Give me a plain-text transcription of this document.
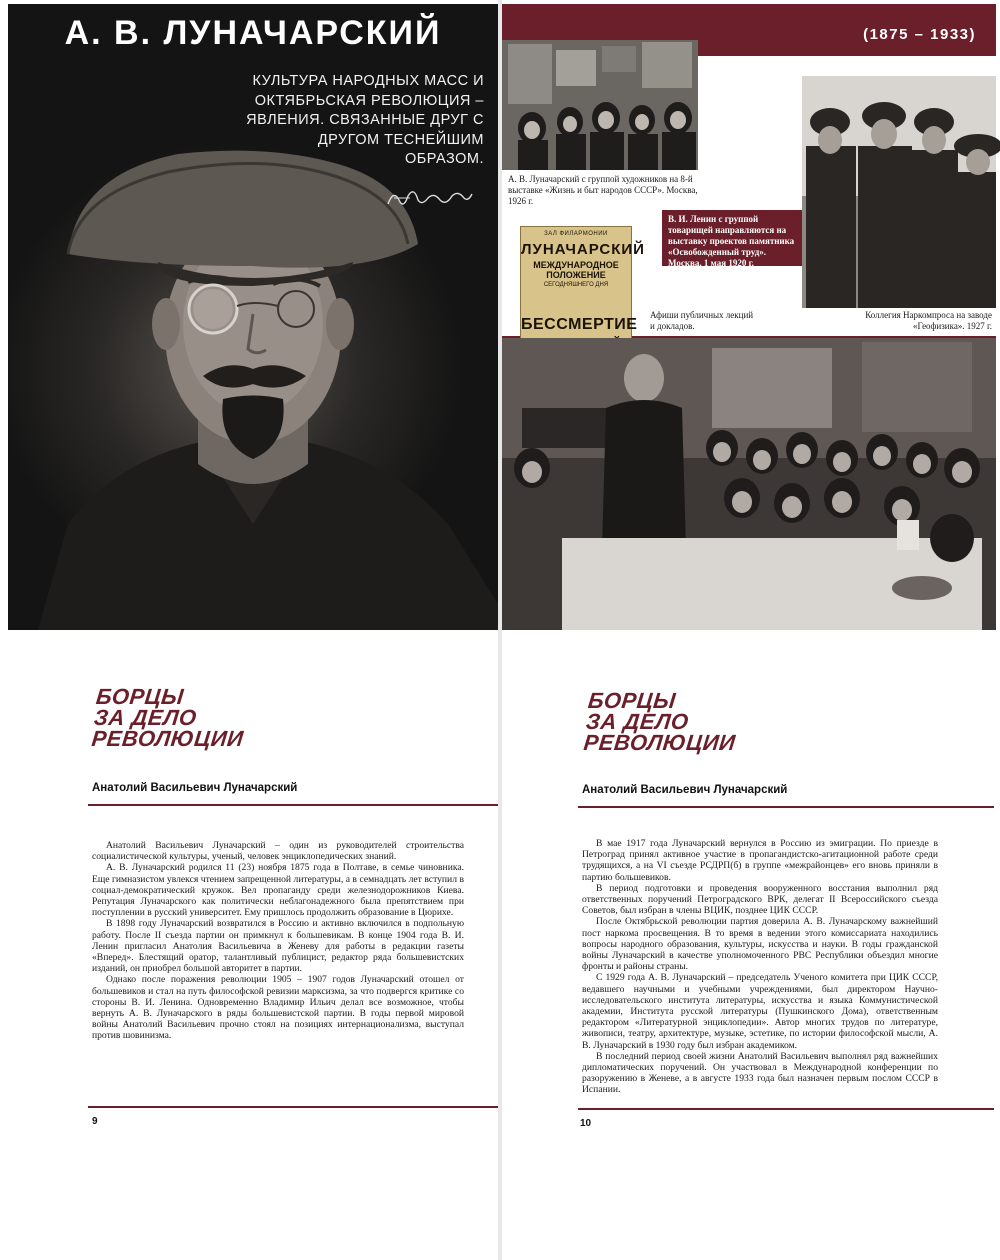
А. В. ЛУНАЧАРСКИЙ
КУЛЬТУРА НАРОДНЫХ МАСС И ОКТЯБРЬСКАЯ РЕВОЛЮЦИЯ – ЯВЛЕНИЯ. СВЯЗАННЫЕ ДРУГ С ДРУГОМ ТЕСНЕЙШИМ ОБРАЗОМ.
(1875 – 1933)
А. В. Луначарский с группой художников на 8-й выставке «Жизнь и быт народов СССР». Москва, 1926 г.
В. И. Ленин с группой товарищей направляются на выставку проектов памятника «Освобожденный труд». Москва, 1 мая 1920 г.
ЗАЛ ФИЛАРМОНИИ
ЛУНАЧАРСКИЙ
МЕЖДУНАРОДНОЕ ПОЛОЖЕНИЕ
СЕГОДНЯШНЕГО ДНЯ
БЕССМЕРТИЕ
Афиши публичных лекций и докладов.
Коллегия Наркомпроса на заводе «Геофизика». 1927 г.
БОРЦЫ
ЗА ДЕЛО
РЕВОЛЮЦИИ
Анатолий Васильевич Луначарский

Анатолий Васильевич Луначарский – один из руководителей строительства социалистической культуры, ученый, человек энциклопедических знаний.

А. В. Луначарский родился 11 (23) ноября 1875 года в Полтаве, в семье чиновника. Еще гимназистом увлекся чтением запрещенной литературы, а в семнадцать лет вступил в социал-демократический кружок. Вел пропаганду среди железнодорожников Киева. Репутация Луначарского как политически неблагонадежного была препятствием при поступлении в русский университет. Ему пришлось продолжить образование в Цюрихе.

В 1898 году Луначарский возвратился в Россию и активно включился в подпольную работу. После II съезда партии он примкнул к большевикам. В конце 1904 года В. И. Ленин пригласил Анатолия Васильевича в Женеву для работы в редакции газеты «Вперед». Блестящий оратор, талантливый публицист, редактор ряда большевистских изданий, он приобрел большой авторитет в партии.

Однако после поражения революции 1905 – 1907 годов Луначарский отошел от большевиков и стал на путь философской ревизии марксизма, за что подвергся критике со стороны В. И. Ленина. Одновременно Владимир Ильич делал все возможное, чтобы вернуть А. В. Луначарского в ряды большевистской партии. В годы первой мировой войны Анатолий Васильевич прочно стоял на позициях интернационализма, выступал против шовинизма.

9
БОРЦЫ
ЗА ДЕЛО
РЕВОЛЮЦИИ
Анатолий Васильевич Луначарский

В мае 1917 года Луначарский вернулся в Россию из эмиграции. По приезде в Петроград принял активное участие в пропагандистско-агитационной работе среди трудящихся, а на VI съезде РСДРП(б) в группе «межрайонцев» его вновь приняли в партию большевиков.

В период подготовки и проведения вооруженного восстания выполнил ряд ответственных поручений Петроградского ВРК, делегат II Всероссийского съезда Советов, был избран в члены ВЦИК, позднее ЦИК СССР.

После Октябрьской революции партия доверила А. В. Луначарскому важнейший пост наркома просвещения. В то время в ведении этого комиссариата находились вопросы народного образования, культуры, искусства и науки. В годы гражданской войны Луначарский в качестве уполномоченного РВС Республики объездил многие фронты и районы страны.

С 1929 года А. В. Луначарский – председатель Ученого комитета при ЦИК СССР, ведавшего научными и учебными учреждениями, был директором Научно-исследовательского института литературы, искусства и языка Коммунистической академии, Института русской литературы (Пушкинского Дома), ответственным редактором «Литературной энциклопедии». Автор многих трудов по литературе, живописи, театру, архитектуре, музыке, эстетике, по истории философской мысли, А. В. Луначарский в 1930 году был избран академиком.

В последний период своей жизни Анатолий Васильевич выполнял ряд важнейших дипломатических поручений. Он участвовал в Международной конференции по разоружению в Женеве, а в августе 1933 года был назначен первым послом СССР в Испании.

10
